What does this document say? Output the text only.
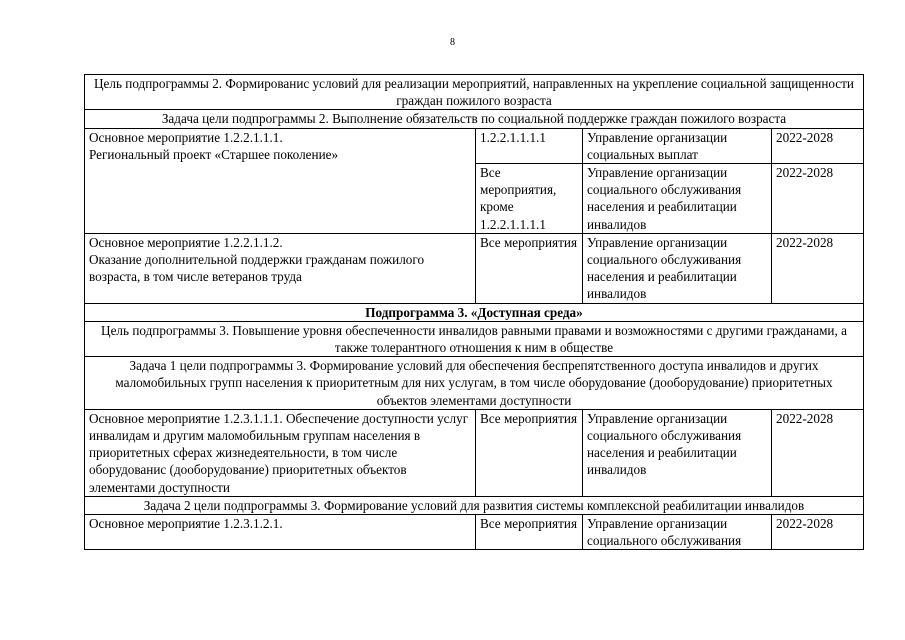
8
Цель подпрограммы 2. Формированис условий для реализации мероприятий, направленных на укрепление социальной защищенности граждан пожилого возраста			
Задача цели подпрограммы 2. Выполнение обязательств по социальной поддержке граждан пожилого возраста			
Основное мероприятие 1.2.2.1.1.1.
Региональный проект «Старшее поколение»	1.2.2.1.1.1.1	Управление организации социальных выплат	2022-2028
	Все мероприятия, кроме 1.2.2.1.1.1.1	Управление организации социального обслуживания населения и реабилитации инвалидов	2022-2028
Основное мероприятие 1.2.2.1.1.2.
Оказание дополнительной поддержки гражданам пожилого возраста, в том числе ветеранов труда	Все мероприятия	Управление организации социального обслуживания населения и реабилитации инвалидов	2022-2028
Подпрограмма 3. «Доступная среда»			
Цель подпрограммы 3. Повышение уровня обеспеченности инвалидов равными правами и возможностями с другими гражданами, а также толерантного отношения к ним в обществе			
Задача 1 цели подпрограммы 3. Формирование условий для обеспечения беспрепятственного доступа инвалидов и других маломобильных групп населения к приоритетным для них услугам, в том числе оборудование (дооборудование) приоритетных объектов элементами доступности			
Основное мероприятие 1.2.3.1.1.1. Обеспечение доступности услуг инвалидам и другим маломобильным группам населения в приоритетных сферах жизнедеятельности, в том числе оборудованис (дооборудование) приоритетных объектов элементами доступности	Все мероприятия	Управление организации социального обслуживания населения и реабилитации инвалидов	2022-2028
Задача 2 цели подпрограммы 3. Формирование условий для развития системы комплексной реабилитации инвалидов			
Основное мероприятие 1.2.3.1.2.1.	Все мероприятия	Управление организации социального обслуживания	2022-2028
